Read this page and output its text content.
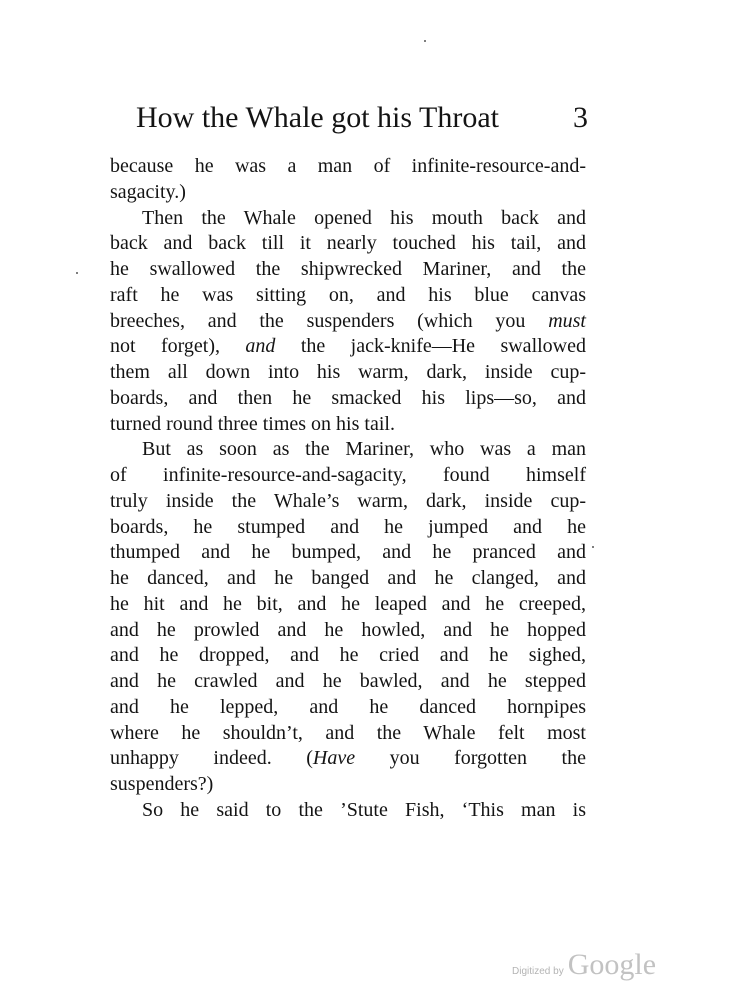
How the Whale got his Throat 3
because he was a man of infinite-resource-and-
sagacity.)
Then the Whale opened his mouth back and
back and back till it nearly touched his tail, and
he swallowed the shipwrecked Mariner, and the
raft he was sitting on, and his blue canvas
breeches, and the suspenders (which you must
not forget), and the jack-knife—He swallowed
them all down into his warm, dark, inside cup-
boards, and then he smacked his lips—so, and
turned round three times on his tail.
But as soon as the Mariner, who was a man
of infinite-resource-and-sagacity, found himself
truly inside the Whale’s warm, dark, inside cup-
boards, he stumped and he jumped and he
thumped and he bumped, and he pranced and
he danced, and he banged and he clanged, and
he hit and he bit, and he leaped and he creeped,
and he prowled and he howled, and he hopped
and he dropped, and he cried and he sighed,
and he crawled and he bawled, and he stepped
and he lepped, and he danced hornpipes
where he shouldn’t, and the Whale felt most
unhappy indeed. (Have you forgotten the
suspenders?)
So he said to the ’Stute Fish, ‘This man is
Digitized by Google
